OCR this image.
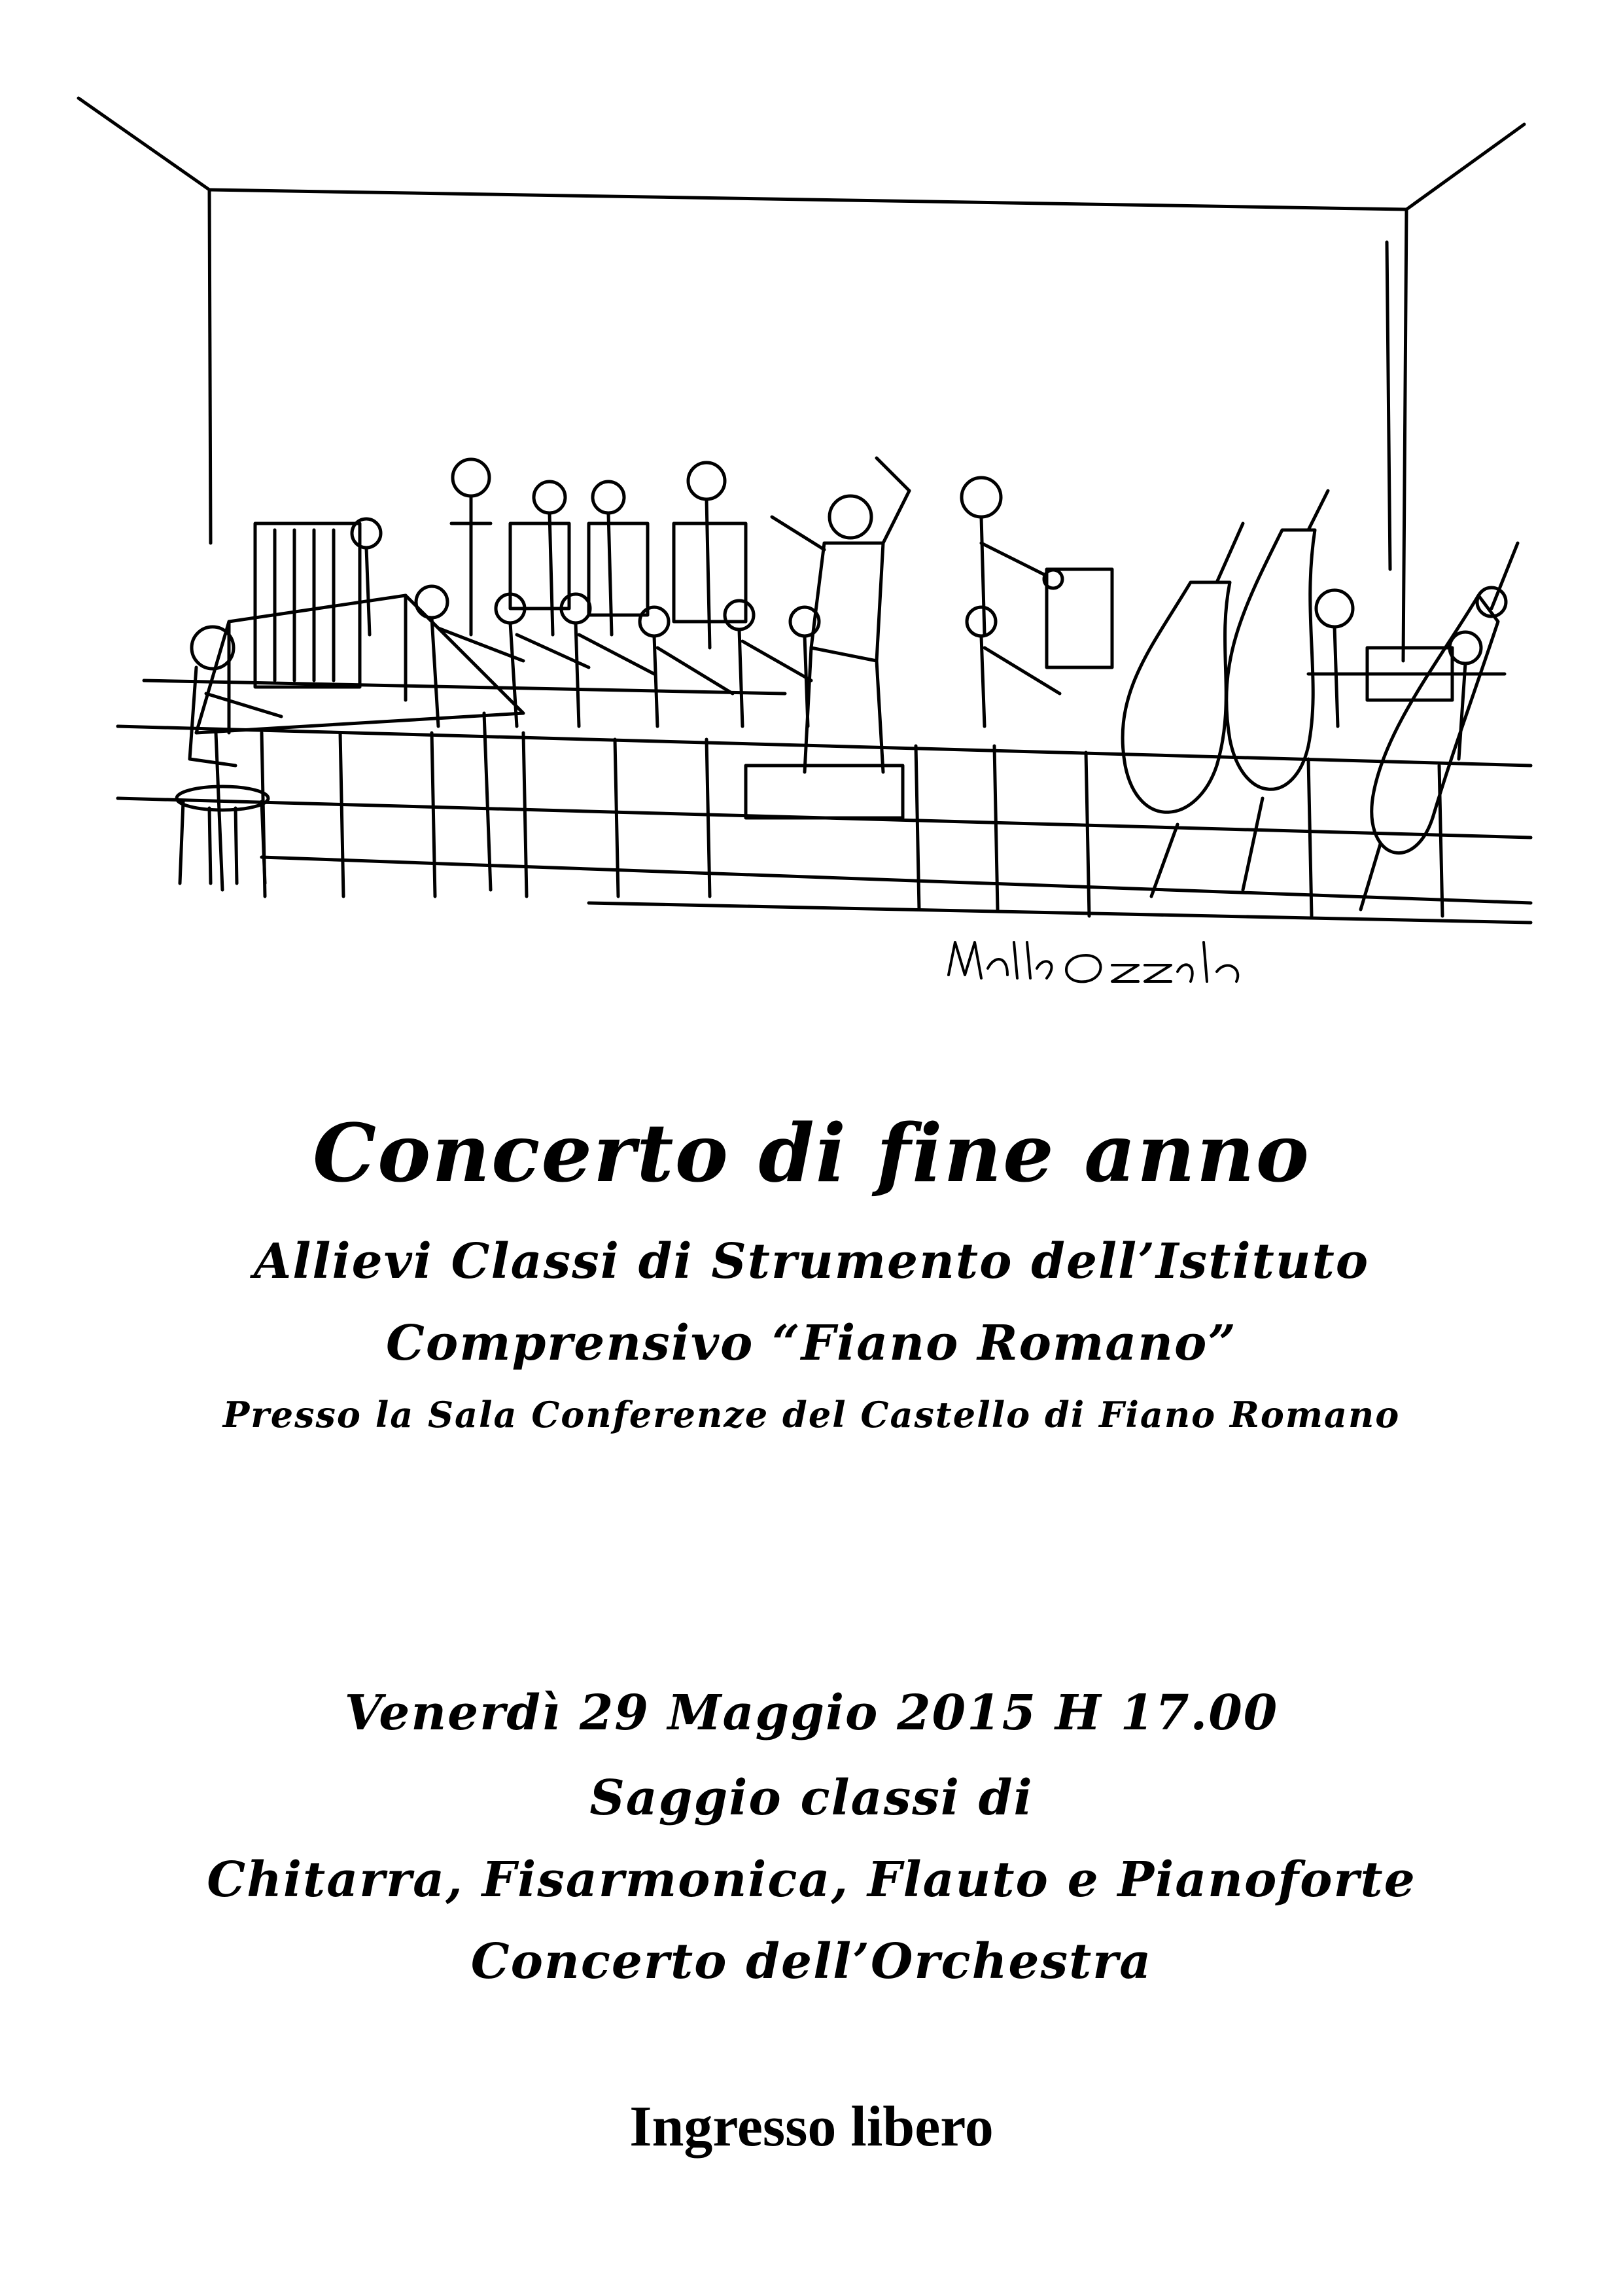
Concerto di fine anno
Allievi Classi di Strumento dell’Istituto
Comprensivo “Fiano Romano”
Presso la Sala Conferenze del Castello di Fiano Romano
Venerdì 29 Maggio 2015 H 17.00
Saggio classi di
Chitarra, Fisarmonica, Flauto e Pianoforte
Concerto dell’Orchestra
Ingresso libero
